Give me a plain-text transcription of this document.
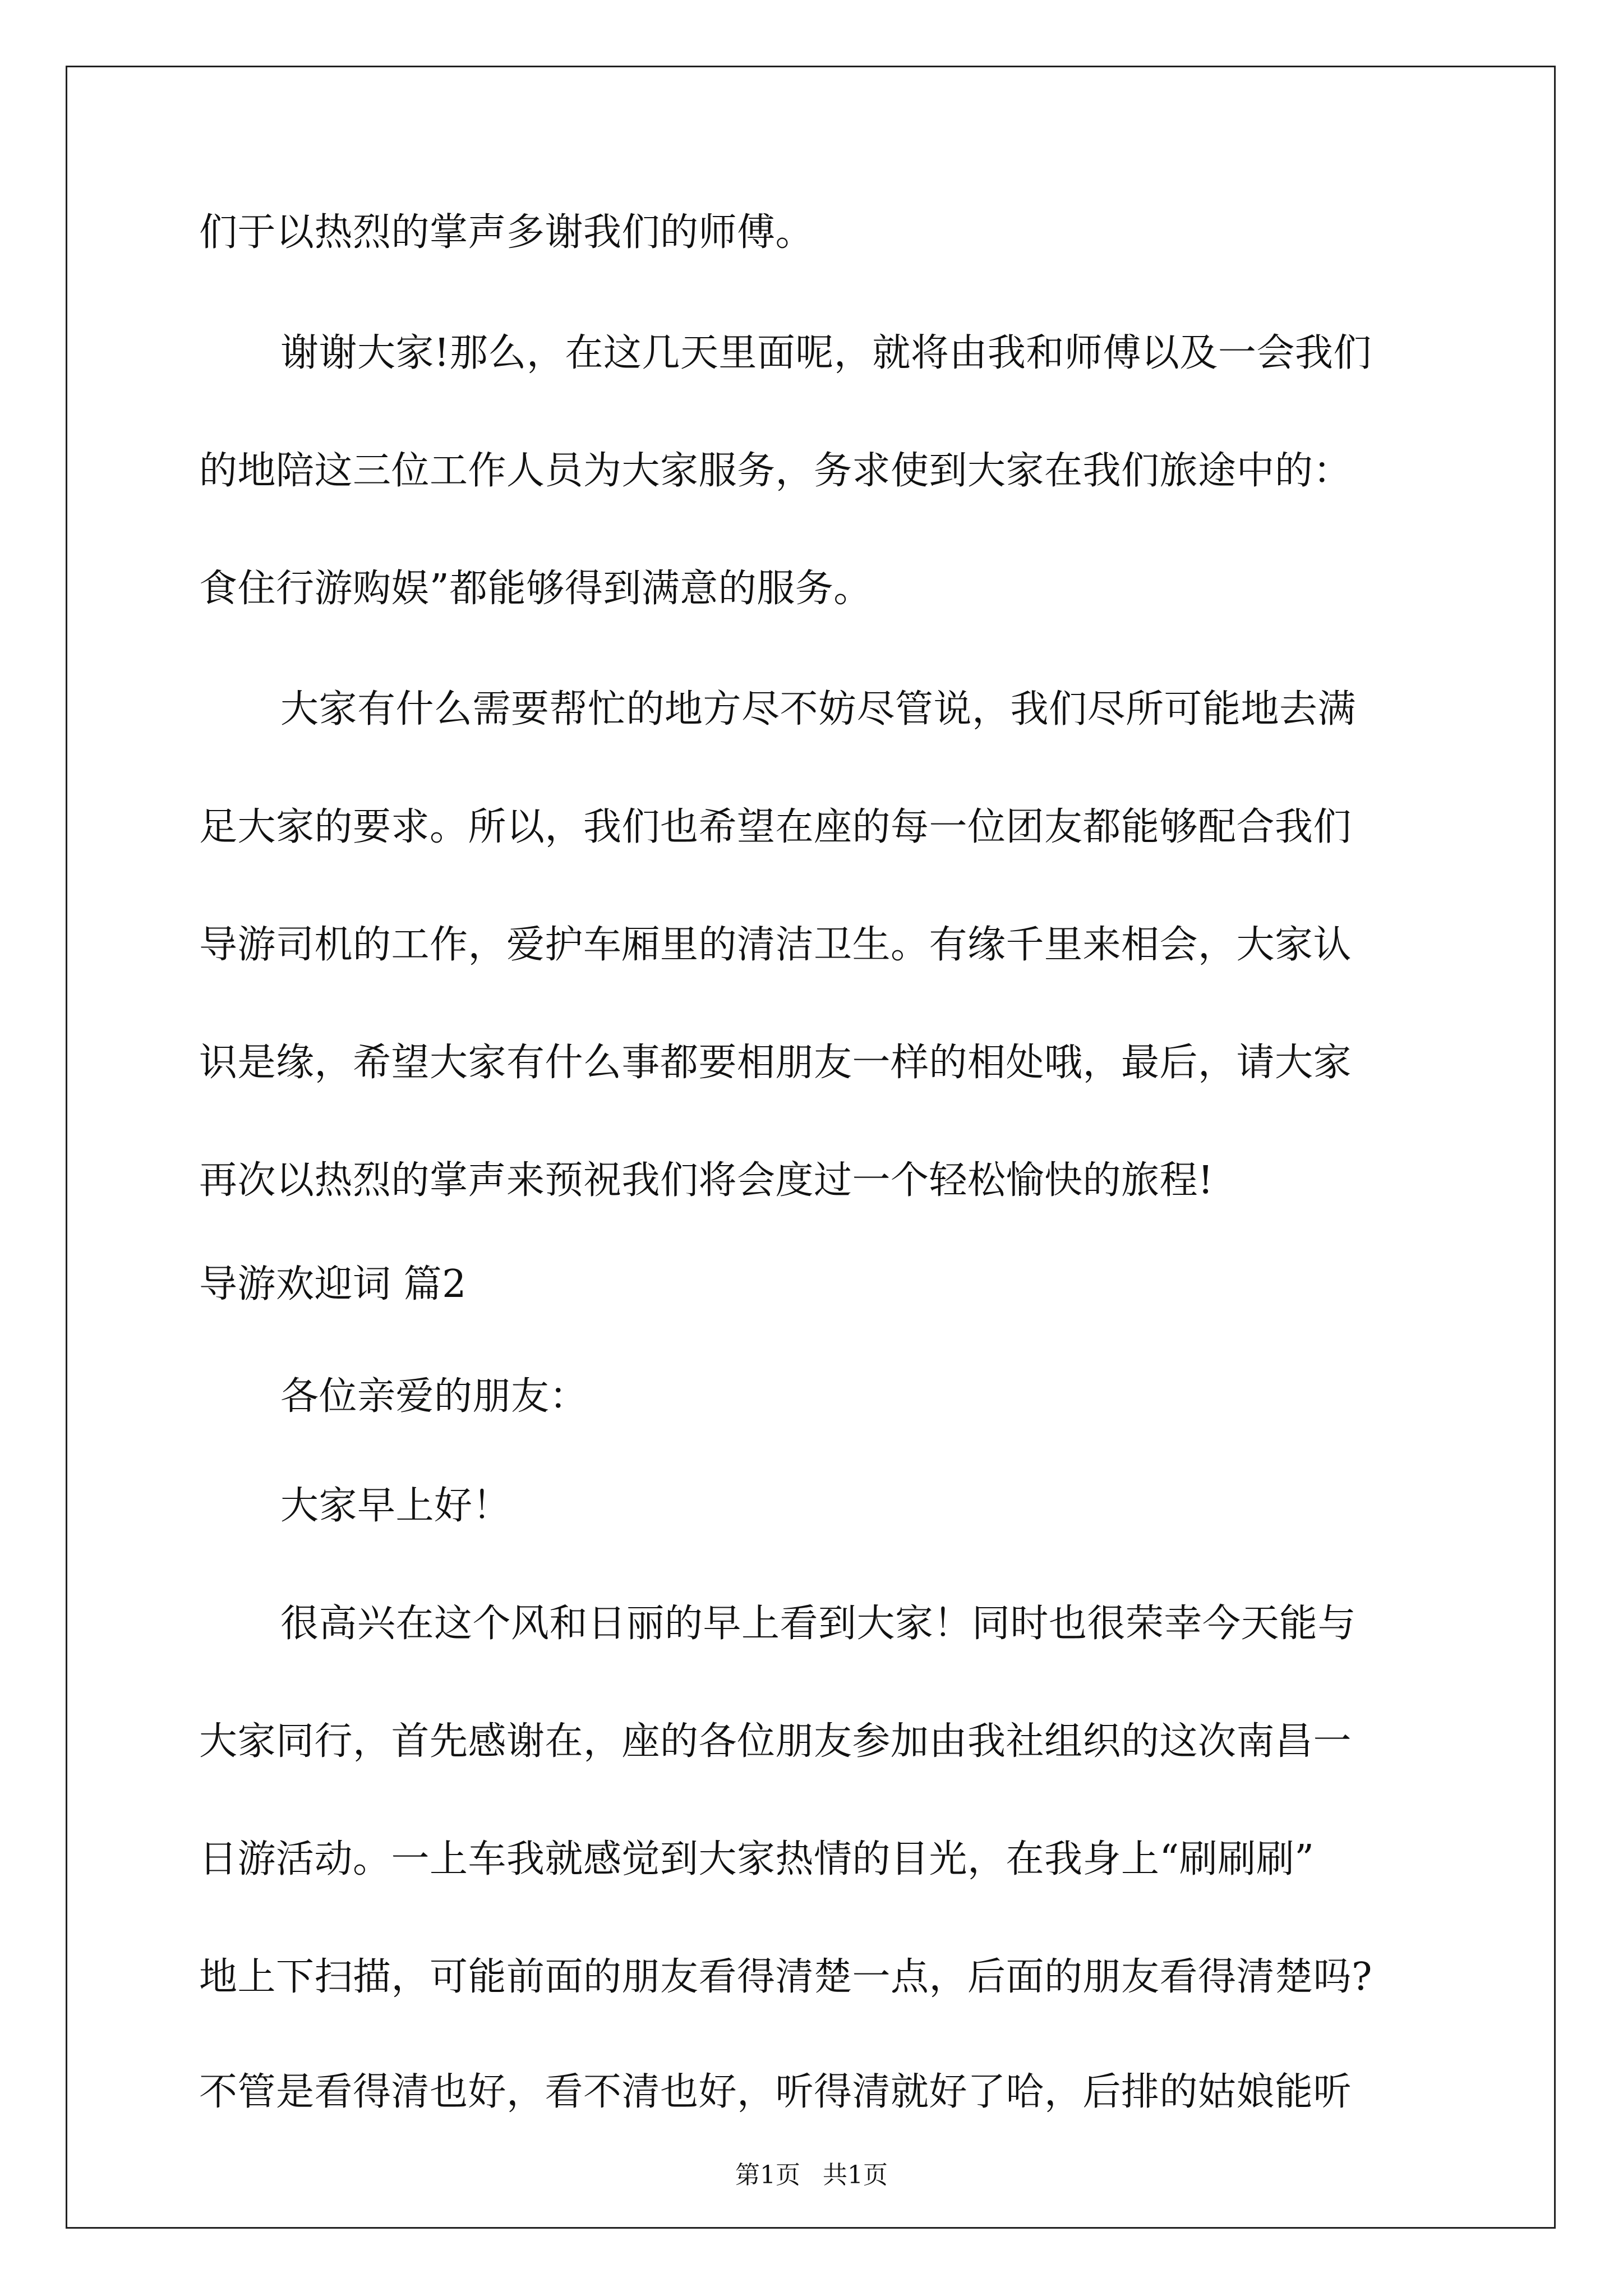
们于以热烈的掌声多谢我们的师傅。
谢谢大家!那么，在这几天里面呢，就将由我和师傅以及一会我们
的地陪这三位工作人员为大家服务，务求使到大家在我们旅途中的：
食住行游购娱”都能够得到满意的服务。
大家有什么需要帮忙的地方尽不妨尽管说，我们尽所可能地去满
足大家的要求。所以，我们也希望在座的每一位团友都能够配合我们
导游司机的工作，爱护车厢里的清洁卫生。有缘千里来相会，大家认
识是缘，希望大家有什么事都要相朋友一样的相处哦，最后，请大家
再次以热烈的掌声来预祝我们将会度过一个轻松愉快的旅程!
导游欢迎词 篇2
各位亲爱的朋友：
大家早上好！
很高兴在这个风和日丽的早上看到大家！同时也很荣幸今天能与
大家同行，首先感谢在，座的各位朋友参加由我社组织的这次南昌一
日游活动。一上车我就感觉到大家热情的目光，在我身上“刷刷刷”
地上下扫描，可能前面的朋友看得清楚一点，后面的朋友看得清楚吗?
不管是看得清也好，看不清也好，听得清就好了哈，后排的姑娘能听
第1页 共1页
